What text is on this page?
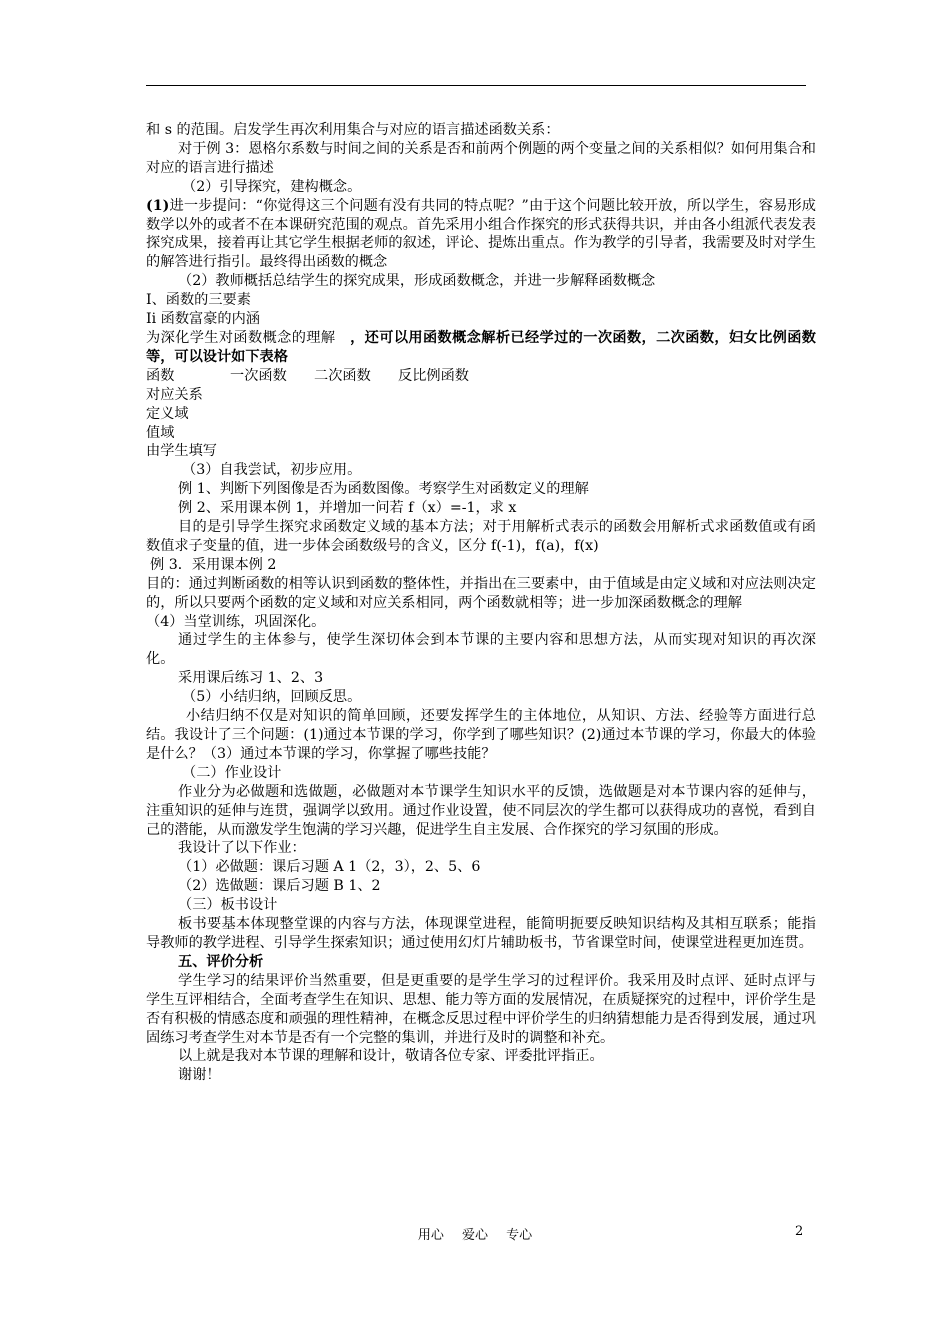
和 s 的范围。启发学生再次利用集合与对应的语言描述函数关系：

对于例 3：恩格尔系数与时间之间的关系是否和前两个例题的两个变量之间的关系相似？如何用集合和对应的语言进行描述

（2）引导探究，建构概念。

(1)进一步提问：“你觉得这三个问题有没有共同的特点呢？”由于这个问题比较开放，所以学生，容易形成数学以外的或者不在本课研究范围的观点。首先采用小组合作探究的形式获得共识，并由各小组派代表发表探究成果，接着再让其它学生根据老师的叙述，评论、提炼出重点。作为教学的引导者，我需要及时对学生的解答进行指引。最终得出函数的概念

（2）教师概括总结学生的探究成果，形成函数概念，并进一步解释函数概念

I、函数的三要素

Ii 函数富豪的内涵

为深化学生对函数概念的理解   ，还可以用函数概念解析已经学过的一次函数，二次函数，妇女比例函数等，可以设计如下表格

函数	一次函数	二次函数	反比例函数

对应关系

定义域

值域

由学生填写

（3）自我尝试，初步应用。

例 1、判断下列图像是否为函数图像。考察学生对函数定义的理解

例 2、采用课本例 1，并增加一问若 f（x）=-1，求 x

目的是引导学生探究求函数定义域的基本方法；对于用解析式表示的函数会用解析式求函数值或有函数值求子变量的值，进一步体会函数级号的含义，区分 f(-1)，f(a)，f(x)

例 3．采用课本例 2

目的：通过判断函数的相等认识到函数的整体性，并指出在三要素中，由于值域是由定义域和对应法则决定的，所以只要两个函数的定义域和对应关系相同，两个函数就相等；进一步加深函数概念的理解

（4）当堂训练，巩固深化。

通过学生的主体参与，使学生深切体会到本节课的主要内容和思想方法，从而实现对知识的再次深化。

采用课后练习 1、2、3

（5）小结归纳，回顾反思。

小结归纳不仅是对知识的简单回顾，还要发挥学生的主体地位，从知识、方法、经验等方面进行总结。我设计了三个问题：(1)通过本节课的学习，你学到了哪些知识？(2)通过本节课的学习，你最大的体验是什么？（3）通过本节课的学习，你掌握了哪些技能？

（二）作业设计

作业分为必做题和选做题，必做题对本节课学生知识水平的反馈，选做题是对本节课内容的延伸与，注重知识的延伸与连贯，强调学以致用。通过作业设置，使不同层次的学生都可以获得成功的喜悦，看到自己的潜能，从而激发学生饱满的学习兴趣，促进学生自主发展、合作探究的学习氛围的形成。

我设计了以下作业：

（1）必做题：课后习题 A 1（2，3），2、5、6

（2）选做题：课后习题 B 1、2

（三）板书设计

板书要基本体现整堂课的内容与方法，体现课堂进程，能简明扼要反映知识结构及其相互联系；能指导教师的教学进程、引导学生探索知识；通过使用幻灯片辅助板书，节省课堂时间，使课堂进程更加连贯。

五、评价分析

学生学习的结果评价当然重要，但是更重要的是学生学习的过程评价。我采用及时点评、延时点评与学生互评相结合，全面考查学生在知识、思想、能力等方面的发展情况，在质疑探究的过程中，评价学生是否有积极的情感态度和顽强的理性精神，在概念反思过程中评价学生的归纳猜想能力是否得到发展，通过巩固练习考查学生对本节是否有一个完整的集训，并进行及时的调整和补充。

以上就是我对本节课的理解和设计，敬请各位专家、评委批评指正。

谢谢！

用心 爱心 专心	2
